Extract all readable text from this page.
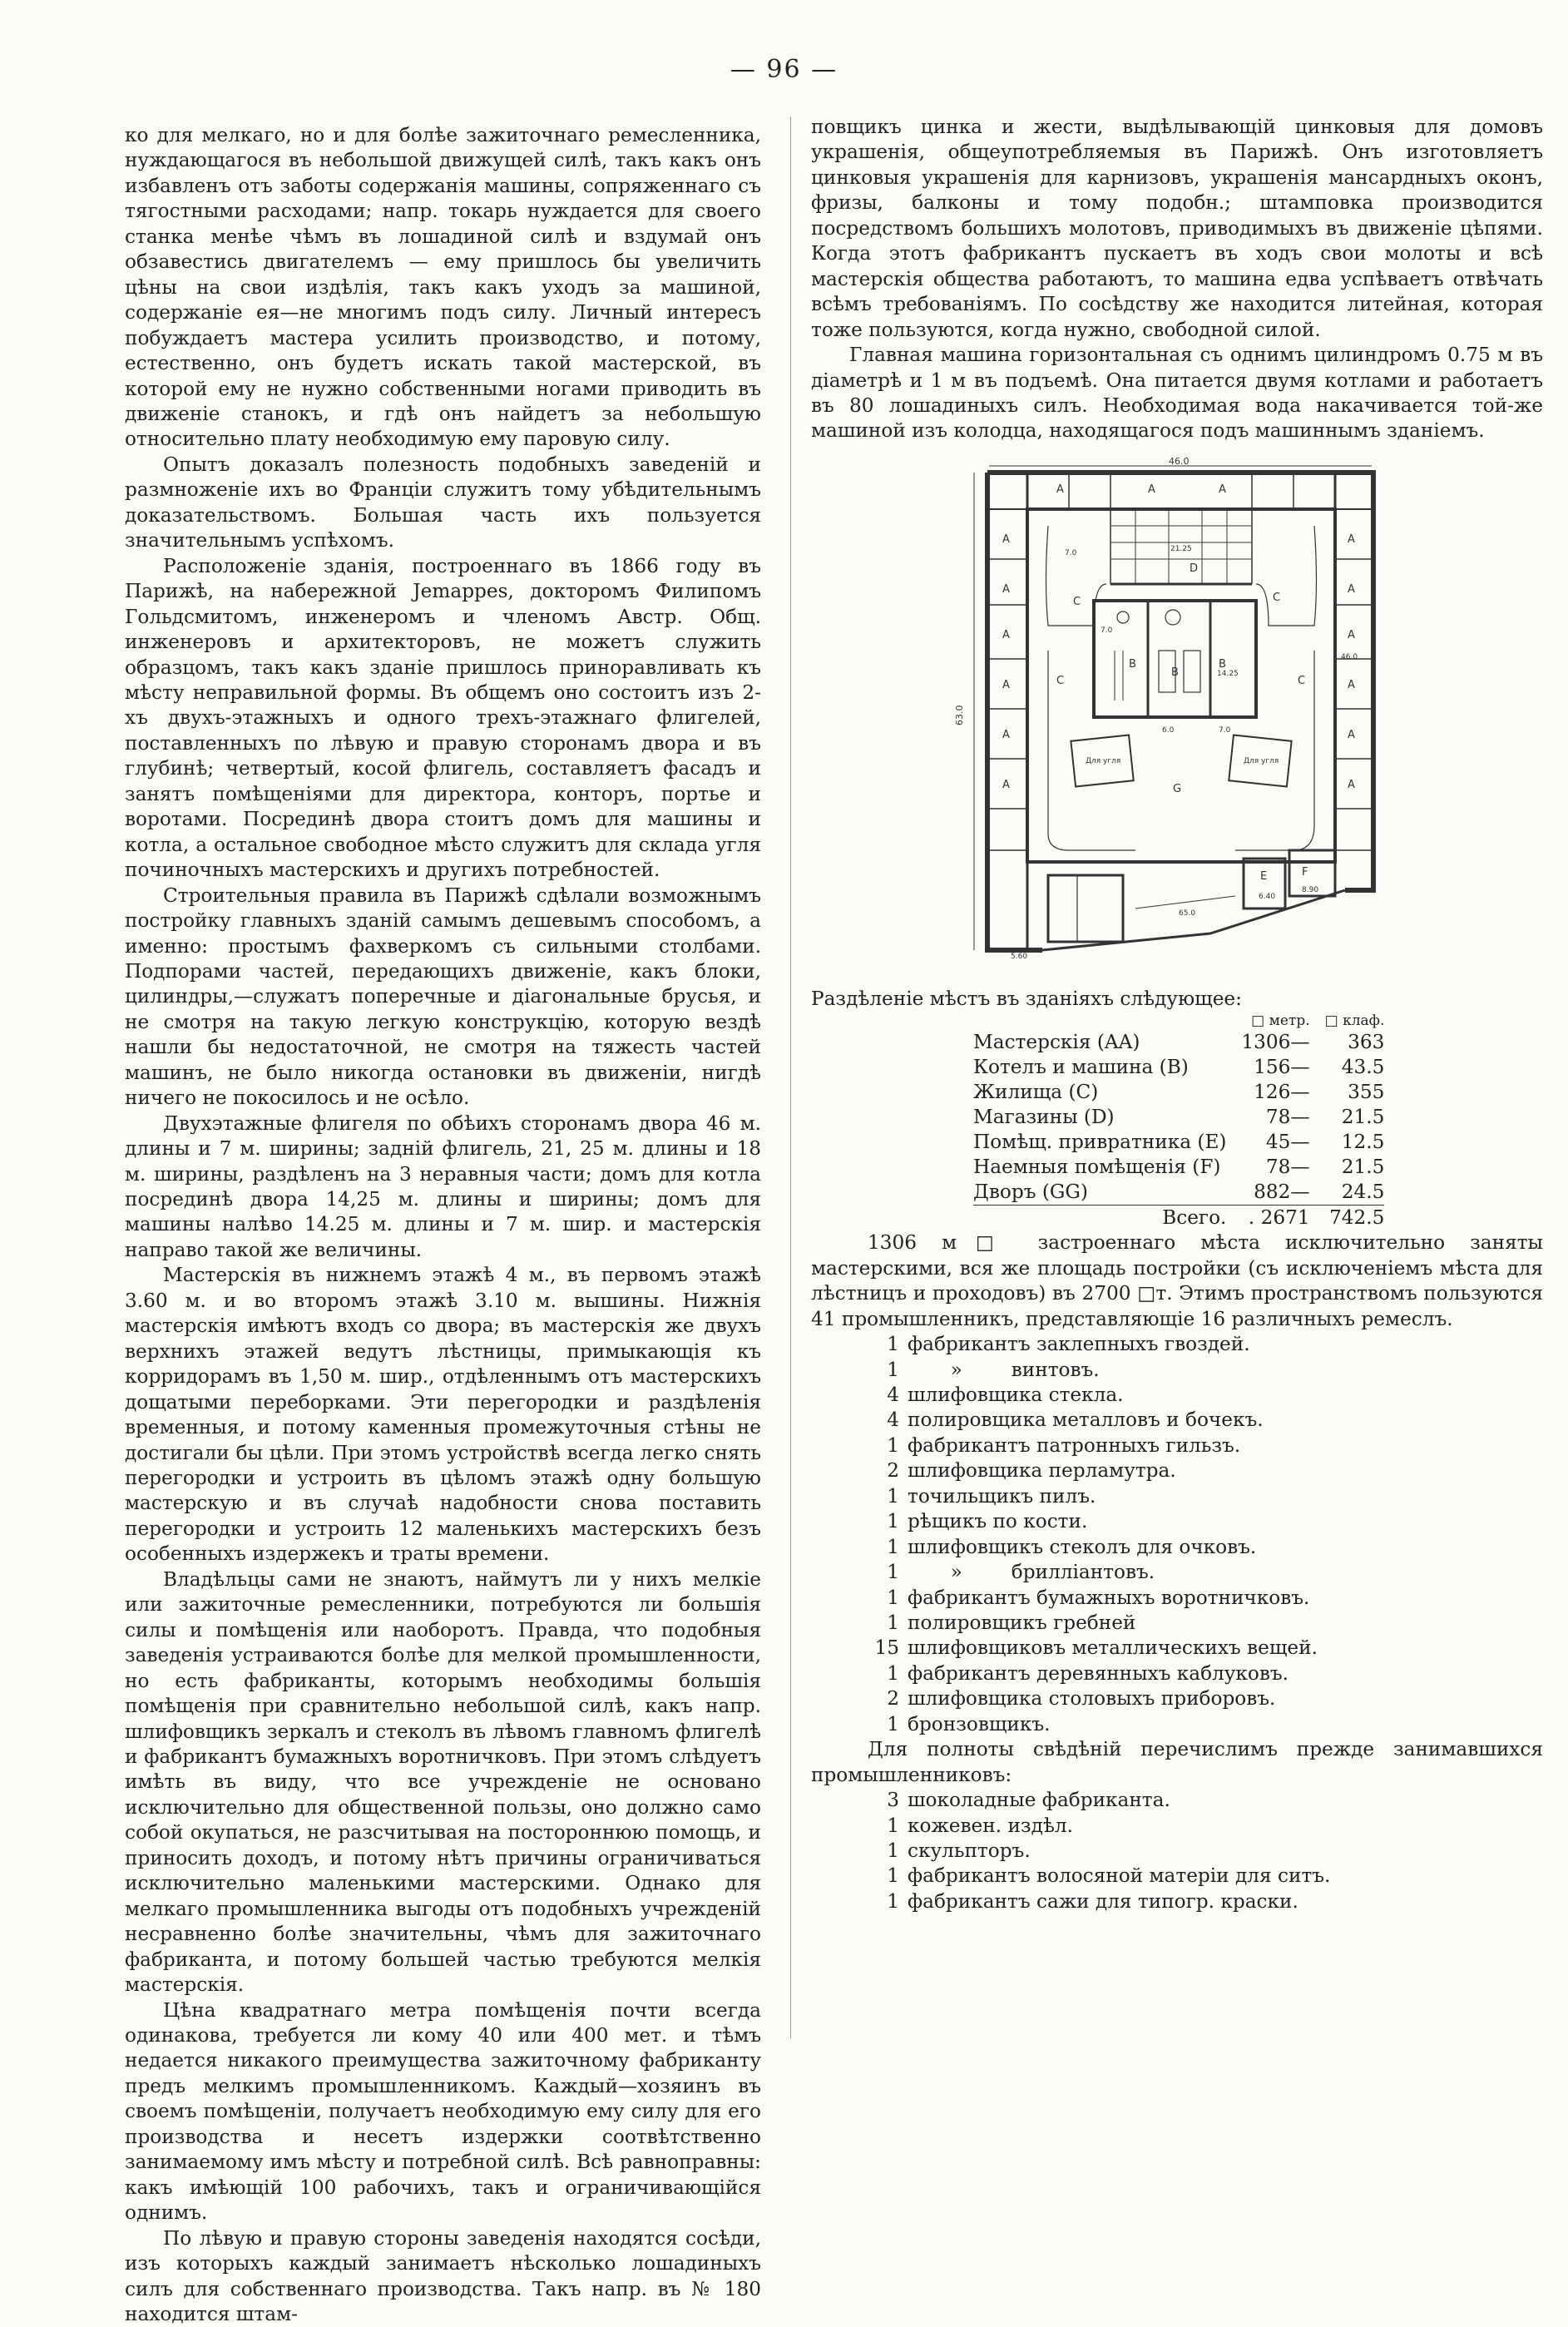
— 96 —

ко для мелкаго, но и для болѣе зажиточнаго ремесленника, нуждающагося въ небольшой движущей силѣ, такъ какъ онъ избавленъ отъ заботы содержанія машины, сопряженнаго съ тягостными расходами; напр. токарь нуждается для своего станка менѣе чѣмъ въ лошадиной силѣ и вздумай онъ обзавестись двигателемъ — ему пришлось бы увеличить цѣны на свои издѣлія, такъ какъ уходъ за машиной, содержаніе ея—не многимъ подъ силу. Личный интересъ побуждаетъ мастера усилить производство, и потому, естественно, онъ будетъ искать такой мастерской, въ которой ему не нужно собственными ногами приводить въ движеніе станокъ, и гдѣ онъ найдетъ за небольшую относительно плату необходимую ему паровую силу.

Опытъ доказалъ полезность подобныхъ заведеній и размноженіе ихъ во Франціи служитъ тому убѣдительнымъ доказательствомъ. Большая часть ихъ пользуется значительнымъ успѣхомъ.

Расположеніе зданія, построеннаго въ 1866 году въ Парижѣ, на набережной Jemappes, докторомъ Филипомъ Гольдсмитомъ, инженеромъ и членомъ Австр. Общ. инженеровъ и архитекторовъ, не можетъ служить образцомъ, такъ какъ зданіе пришлось приноравливать къ мѣсту неправильной формы. Въ общемъ оно состоитъ изъ 2-хъ двухъ-этажныхъ и одного трехъ-этажнаго флигелей, поставленныхъ по лѣвую и правую сторонамъ двора и въ глубинѣ; четвертый, косой флигель, составляетъ фасадъ и занятъ помѣщеніями для директора, конторъ, портье и воротами. Посрединѣ двора стоитъ домъ для машины и котла, а остальное свободное мѣсто служитъ для склада угля починочныхъ мастерскихъ и другихъ потребностей.

Строительныя правила въ Парижѣ сдѣлали возможнымъ постройку главныхъ зданій самымъ дешевымъ способомъ, а именно: простымъ фахверкомъ съ сильными столбами. Подпорами частей, передающихъ движеніе, какъ блоки, цилиндры,—служатъ поперечные и діагональные брусья, и не смотря на такую легкую конструкцію, которую вездѣ нашли бы недостаточной, не смотря на тяжесть частей машинъ, не было никогда остановки въ движеніи, нигдѣ ничего не покосилось и не осѣло.

Двухэтажные флигеля по обѣихъ сторонамъ двора 46 м. длины и 7 м. ширины; задній флигель, 21, 25 м. длины и 18 м. ширины, раздѣленъ на 3 неравныя части; домъ для котла посрединѣ двора 14,25 м. длины и ширины; домъ для машины налѣво 14.25 м. длины и 7 м. шир. и мастерскія направо такой же величины.

Мастерскія въ нижнемъ этажѣ 4 м., въ первомъ этажѣ 3.60 м. и во второмъ этажѣ 3.10 м. вышины. Нижнія мастерскія имѣютъ входъ со двора; въ мастерскія же двухъ верхнихъ этажей ведутъ лѣстницы, примыкающія къ корридорамъ въ 1,50 м. шир., отдѣленнымъ отъ мастерскихъ дощатыми переборками. Эти перегородки и раздѣленія временныя, и потому каменныя промежуточныя стѣны не достигали бы цѣли. При этомъ устройствѣ всегда легко снять перегородки и устроить въ цѣломъ этажѣ одну большую мастерскую и въ случаѣ надобности снова поставить перегородки и устроить 12 маленькихъ мастерскихъ безъ особенныхъ издержекъ и траты времени.

Владѣльцы сами не знаютъ, наймутъ ли у нихъ мелкіе или зажиточные ремесленники, потребуются ли большія силы и помѣщенія или наоборотъ. Правда, что подобныя заведенія устраиваются болѣе для мелкой промышленности, но есть фабриканты, которымъ необходимы большія помѣщенія при сравнительно небольшой силѣ, какъ напр. шлифовщикъ зеркалъ и стеколъ въ лѣвомъ главномъ флигелѣ и фабрикантъ бумажныхъ воротничковъ. При этомъ слѣдуетъ имѣть въ виду, что все учрежденіе не основано исключительно для общественной пользы, оно должно само собой окупаться, не разсчитывая на постороннюю помощь, и приносить доходъ, и потому нѣтъ причины ограничиваться исключительно маленькими мастерскими. Однако для мелкаго промышленника выгоды отъ подобныхъ учрежденій несравненно болѣе значительны, чѣмъ для зажиточнаго фабриканта, и потому большей частью требуются мелкія мастерскія.

Цѣна квадратнаго метра помѣщенія почти всегда одинакова, требуется ли кому 40 или 400 мет. и тѣмъ недается никакого преимущества зажиточному фабриканту предъ мелкимъ промышленникомъ. Каждый—хозяинъ въ своемъ помѣщеніи, получаетъ необходимую ему силу для его производства и несетъ издержки соотвѣтственно занимаемому имъ мѣсту и потребной силѣ. Всѣ равноправны: какъ имѣющій 100 рабочихъ, такъ и ограничивающійся однимъ.

По лѣвую и правую стороны заведенія находятся сосѣди, изъ которыхъ каждый занимаетъ нѣсколько лошадиныхъ силъ для собственнаго производства. Такъ напр. въ № 180 находится штам-

повщикъ цинка и жести, выдѣлывающій цинковыя для домовъ украшенія, общеупотребляемыя въ Парижѣ. Онъ изготовляетъ цинковыя украшенія для карнизовъ, украшенія мансардныхъ оконъ, фризы, балконы и тому подобн.; штамповка производится посредствомъ большихъ молотовъ, приводимыхъ въ движеніе цѣпями. Когда этотъ фабрикантъ пускаетъ въ ходъ свои молоты и всѣ мастерскія общества работаютъ, то машина едва успѣваетъ отвѣчать всѣмъ требованіямъ. По сосѣдству же находится литейная, которая тоже пользуются, когда нужно, свободной силой.

Главная машина горизонтальная съ однимъ цилиндромъ 0.75 м въ діаметрѣ и 1 м въ подъемѣ. Она питается двумя котлами и работаетъ въ 80 лошадиныхъ силъ. Необходимая вода накачивается той-же машиной изъ колодца, находящагося подъ машиннымъ зданіемъ.

46.0
63.0
A	A	A
A
A
A
A
A
A
A
A
A
A
A
A
D
B
B
B
C	C
C	C
G
F
E
7.0
7.0
7.0
6.0
14.25
21.25
46.0
8.90
65.0
5.60
6.40
Для угля	Для угля

Раздѣленіе мѣстъ въ зданіяхъ слѣдующее:

	□ метр.	□ клаф.
Мастерскія (AA)	1306—	363
Котелъ и машина (B)	156—	43.5
Жилища (C)	126—	355
Магазины (D)	78—	21.5
Помѣщ. привратника (E)	45—	12.5
Наемныя помѣщенія (F)	78—	21.5
Дворъ (GG)	882—	24.5
Всего.	. 2671	742.5

1306 м□ застроеннаго мѣста исключительно заняты мастерскими, вся же площадь постройки (съ исключеніемъ мѣста для лѣстницъ и проходовъ) въ 2700 □т. Этимъ пространствомъ пользуются 41 промышленникъ, представляющіе 16 различныхъ ремеслъ.

1 фабрикантъ заклепныхъ гвоздей.
1       »        винтовъ.
4 шлифовщика стекла.
4 полировщика металловъ и бочекъ.
1 фабрикантъ патронныхъ гильзъ.
2 шлифовщика перламутра.
1 точильщикъ пилъ.
1 рѣщикъ по кости.
1 шлифовщикъ стеколъ для очковъ.
1       »        бриллiантовъ.
1 фабрикантъ бумажныхъ воротничковъ.
1 полировщикъ гребней
15 шлифовщиковъ металлическихъ вещей.
1 фабрикантъ деревянныхъ каблуковъ.
2 шлифовщика столовыхъ приборовъ.
1 бронзовщикъ.

Для полноты свѣдѣній перечислимъ прежде занимавшихся промышленниковъ:

3 шоколадные фабриканта.
1 кожевен. издѣл.
1 скульпторъ.
1 фабрикантъ волосяной матеріи для ситъ.
1 фабрикантъ сажи для типогр. краски.
